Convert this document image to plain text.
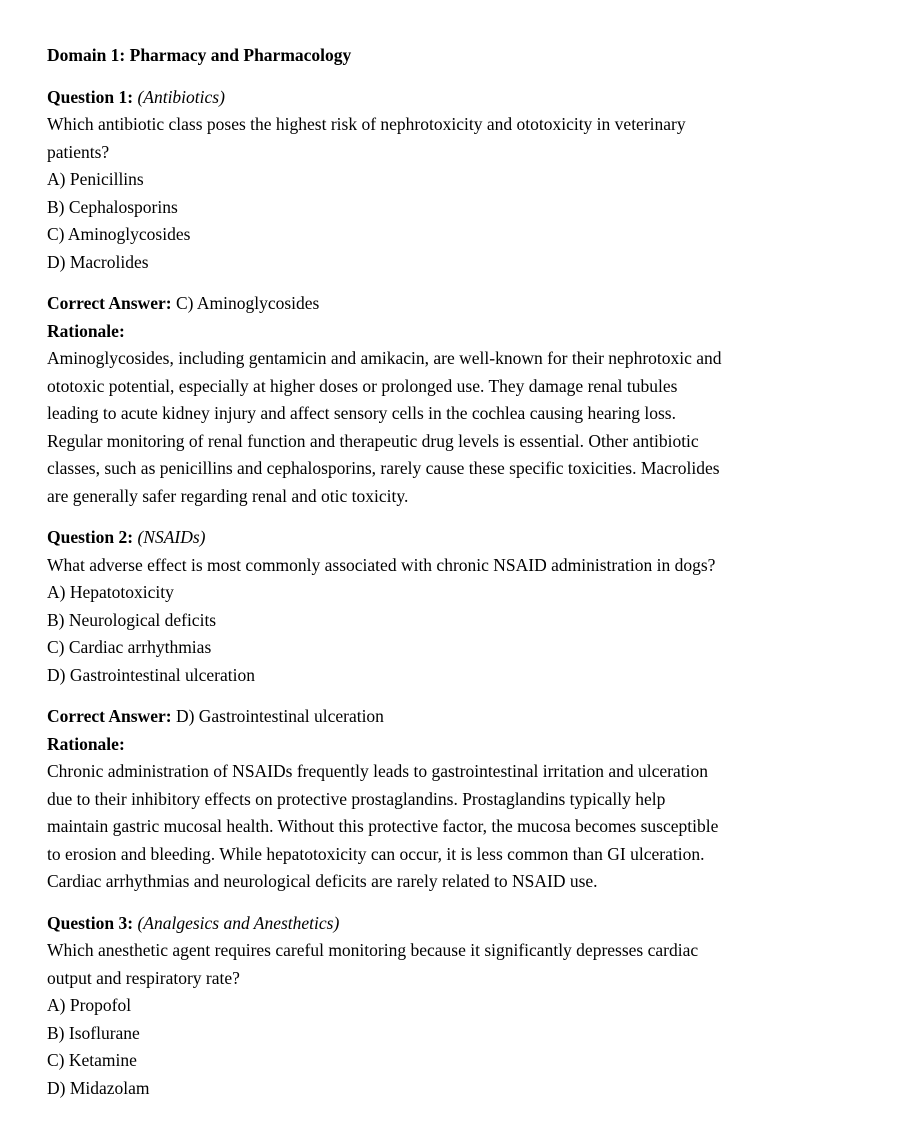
Domain 1: Pharmacy and Pharmacology
Question 1: (Antibiotics)
Which antibiotic class poses the highest risk of nephrotoxicity and ototoxicity in veterinary
patients?
A) Penicillins
B) Cephalosporins
C) Aminoglycosides
D) Macrolides
Correct Answer: C) Aminoglycosides
Rationale:
Aminoglycosides, including gentamicin and amikacin, are well-known for their nephrotoxic and
ototoxic potential, especially at higher doses or prolonged use. They damage renal tubules
leading to acute kidney injury and affect sensory cells in the cochlea causing hearing loss.
Regular monitoring of renal function and therapeutic drug levels is essential. Other antibiotic
classes, such as penicillins and cephalosporins, rarely cause these specific toxicities. Macrolides
are generally safer regarding renal and otic toxicity.
Question 2: (NSAIDs)
What adverse effect is most commonly associated with chronic NSAID administration in dogs?
A) Hepatotoxicity
B) Neurological deficits
C) Cardiac arrhythmias
D) Gastrointestinal ulceration
Correct Answer: D) Gastrointestinal ulceration
Rationale:
Chronic administration of NSAIDs frequently leads to gastrointestinal irritation and ulceration
due to their inhibitory effects on protective prostaglandins. Prostaglandins typically help
maintain gastric mucosal health. Without this protective factor, the mucosa becomes susceptible
to erosion and bleeding. While hepatotoxicity can occur, it is less common than GI ulceration.
Cardiac arrhythmias and neurological deficits are rarely related to NSAID use.
Question 3: (Analgesics and Anesthetics)
Which anesthetic agent requires careful monitoring because it significantly depresses cardiac
output and respiratory rate?
A) Propofol
B) Isoflurane
C) Ketamine
D) Midazolam
